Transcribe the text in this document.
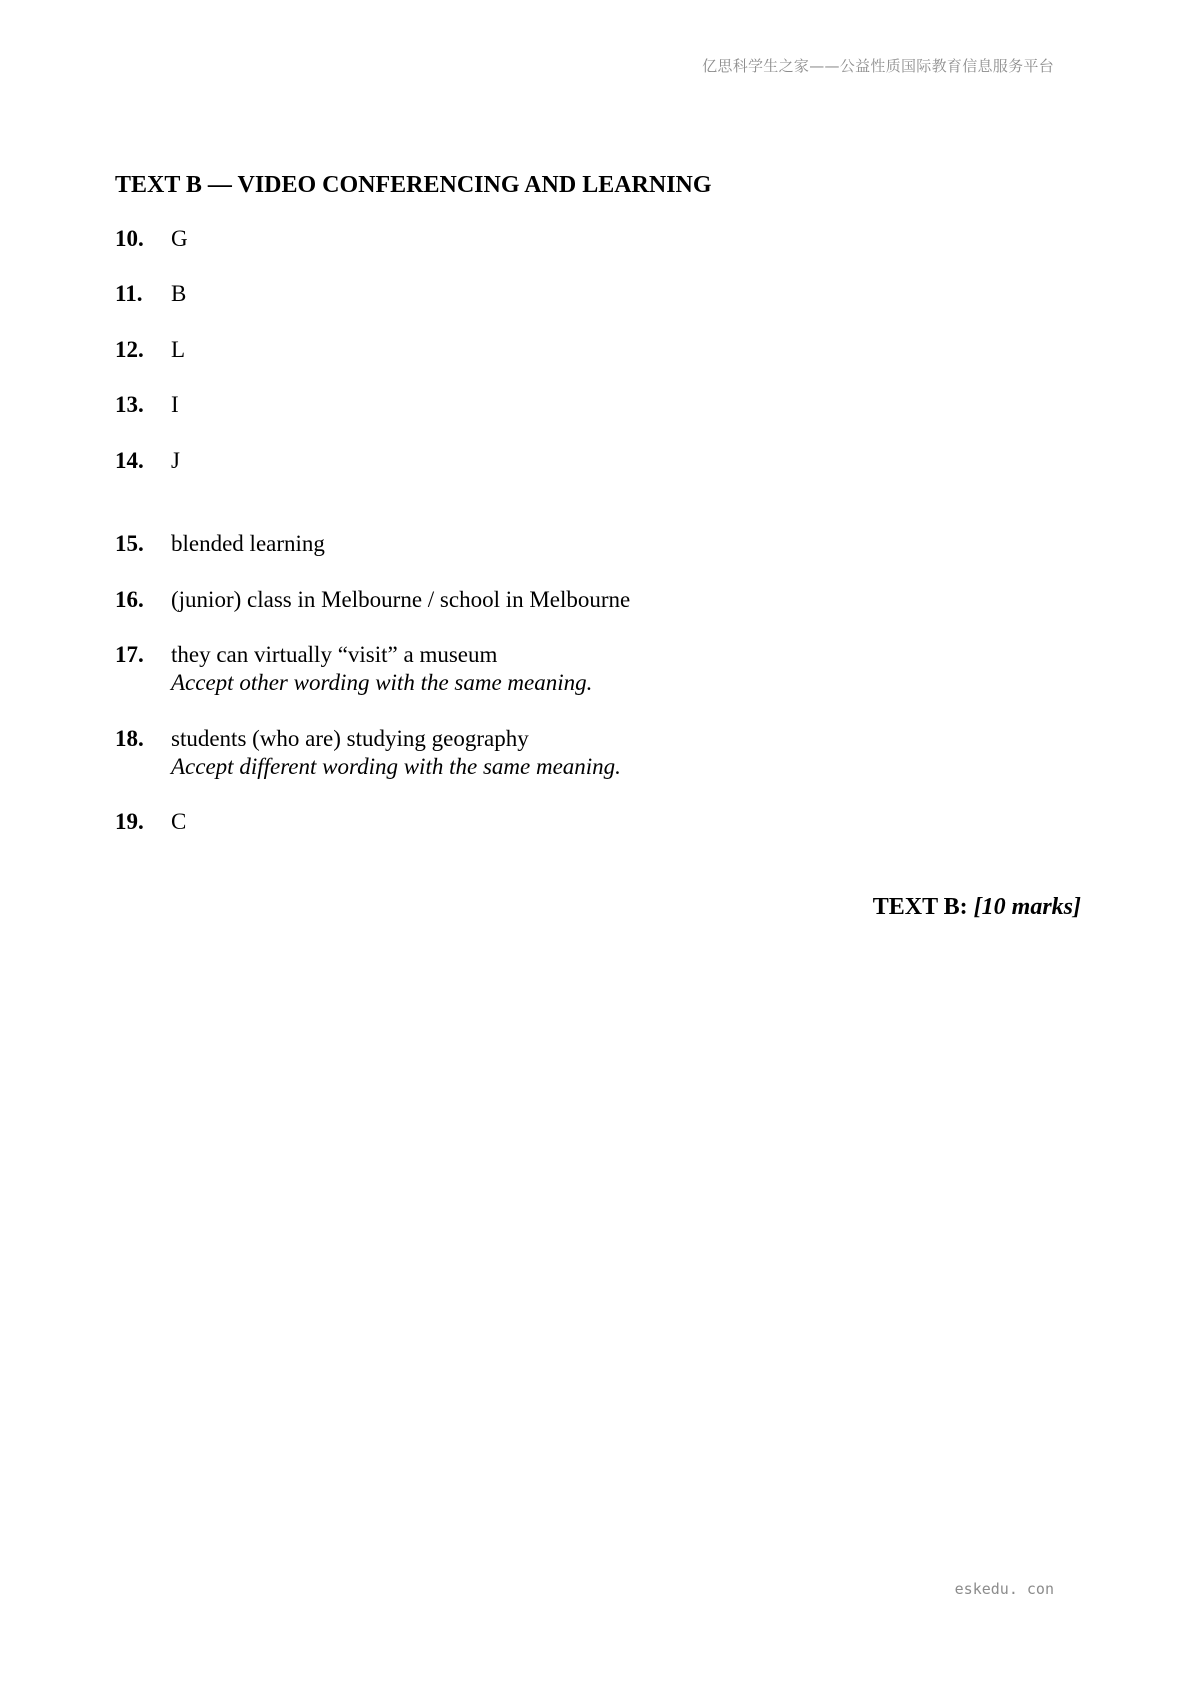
亿思科学生之家——公益性质国际教育信息服务平台
TEXT B — VIDEO CONFERENCING AND LEARNING
10.	G
11.	B
12.	L
13.	I
14.	J
15.	blended learning
16.	(junior) class in Melbourne / school in Melbourne
17.	they can virtually “visit” a museum
Accept other wording with the same meaning.
18.	students (who are) studying geography
Accept different wording with the same meaning.
19.	C
TEXT B: [10 marks]
eskedu. con
